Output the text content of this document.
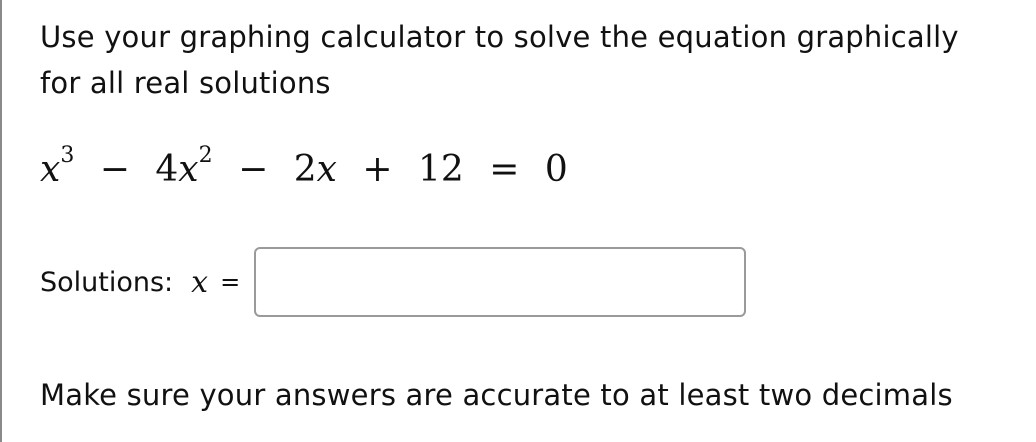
Use your graphing calculator to solve the equation graphically
for all real solutions
$x^3 - 4x^2 - 2x + 12 = 0$
Solutions: x =
Make sure your answers are accurate to at least two decimals
